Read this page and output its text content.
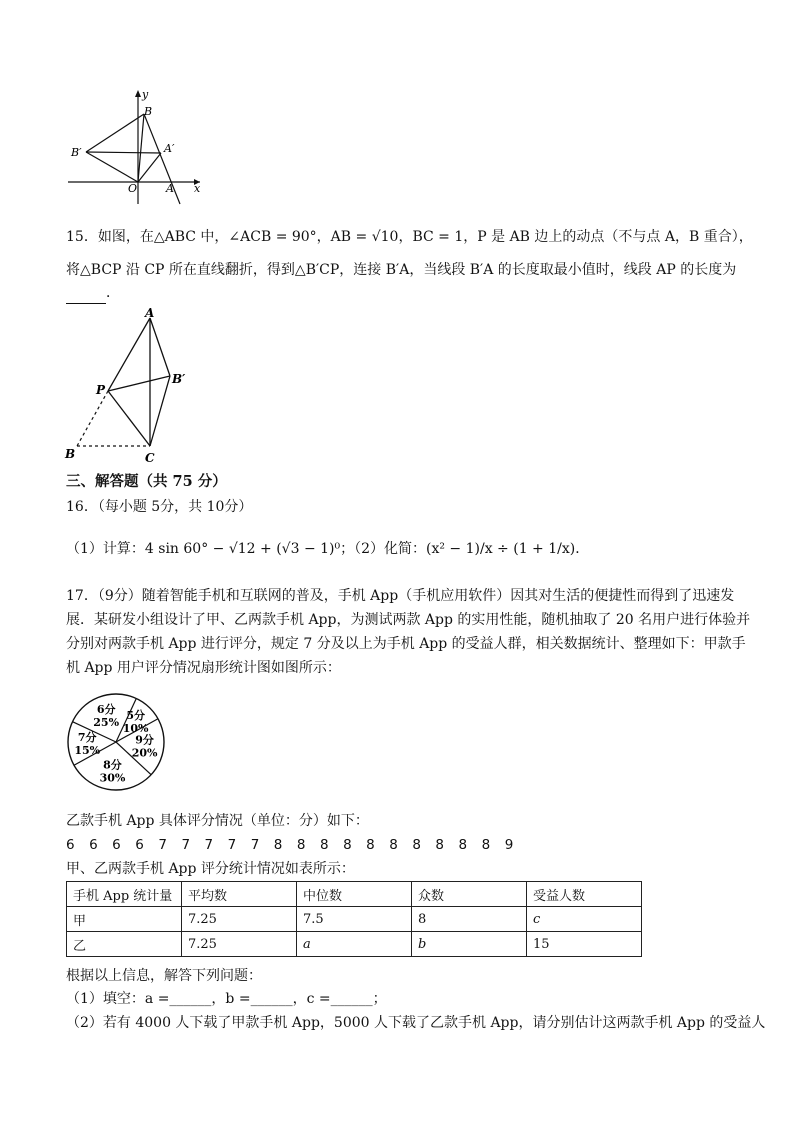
y
B
B′	A′
O	A x
15．如图，在△ABC 中，∠ACB = 90°，AB = √10，BC = 1，P 是 AB 边上的动点（不与点 A，B 重合），
将△BCP 沿 CP 所在直线翻折，得到△B′CP，连接 B′A，当线段 B′A 的长度取最小值时，线段 AP 的长度为
．
A
B′
P
B	C
三、解答题（共 75 分）
16．（每小题 5分，共 10分）
（1）计算：4 sin 60° − √12 + (√3 − 1)⁰；（2）化简：(x² − 1)/x ÷ (1 + 1/x)．
17．（9分）随着智能手机和互联网的普及，手机 App（手机应用软件）因其对生活的便捷性而得到了迅速发
展．某研发小组设计了甲、乙两款手机 App，为测试两款 App 的实用性能，随机抽取了 20 名用户进行体验并
分别对两款手机 App 进行评分，规定 7 分及以上为手机 App 的受益人群，相关数据统计、整理如下：甲款手
机 App 用户评分情况扇形统计图如图所示：
6分
25%
5分
10%
9分
20%
8分
30%
7分
15%
乙款手机 App 具体评分情况（单位：分）如下：
6　6　6　6　7　7　7　7　7　8　8　8　8　8　8　8　8　8　8　9
甲、乙两款手机 App 评分统计情况如表所示：
手机 App 统计量	平均数	中位数	众数	受益人数
甲	7.25	7.5	8	c
乙	7.25	a	b	15
根据以上信息，解答下列问题：
（1）填空：a =______，b =______，c =______；
（2）若有 4000 人下载了甲款手机 App，5000 人下载了乙款手机 App，请分别估计这两款手机 App 的受益人
